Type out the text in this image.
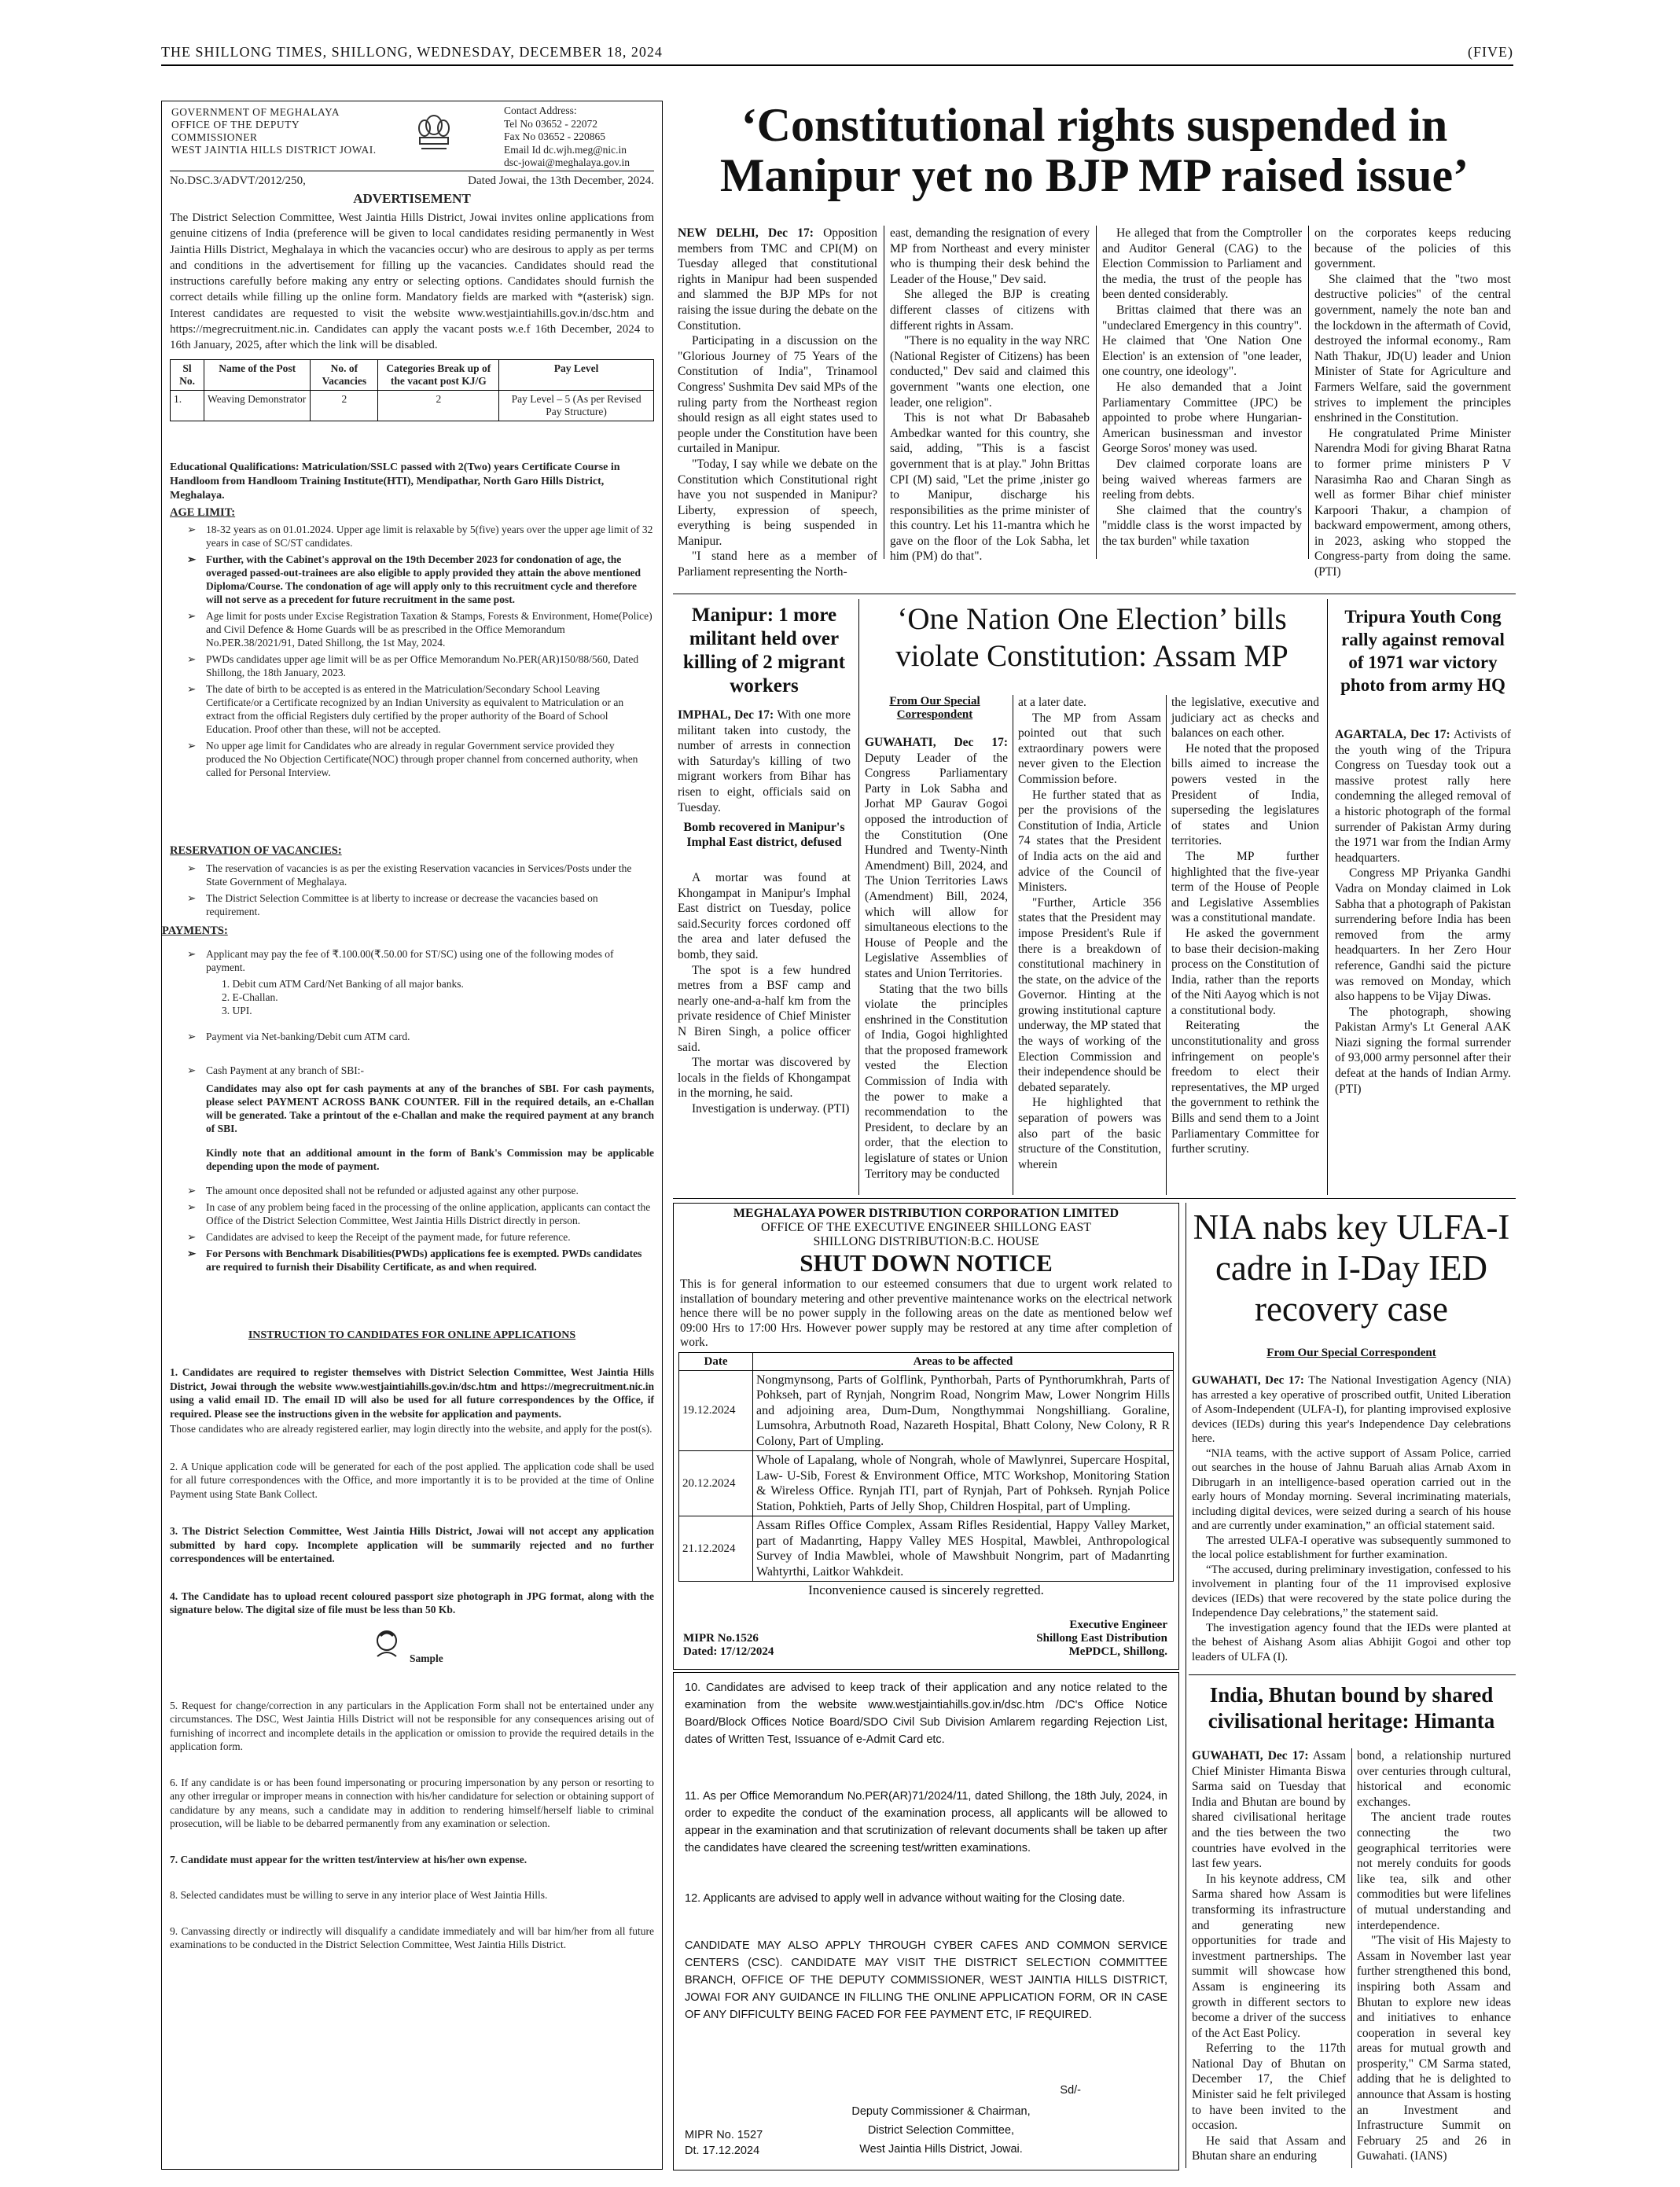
THE SHILLONG TIMES, SHILLONG, WEDNESDAY, DECEMBER 18, 2024	(FIVE)
GOVERNMENT OF MEGHALAYA
OFFICE OF THE DEPUTY
COMMISSIONER
WEST JAINTIA HILLS DISTRICT JOWAI.
Contact Address:
Tel No 03652 - 22072
Fax No 03652 - 220865
Email Id dc.wjh.meg@nic.in
dsc-jowai@meghalaya.gov.in
No.DSC.3/ADVT/2012/250,	Dated Jowai, the 13th December, 2024.
ADVERTISEMENT
The District Selection Committee, West Jaintia Hills District, Jowai invites online applications from genuine citizens of India (preference will be given to local candidates residing permanently in West Jaintia Hills District, Meghalaya in which the vacancies occur) who are desirous to apply as per terms and conditions in the advertisement for filling up the vacancies. Candidates should read the instructions carefully before making any entry or selecting options. Candidates should furnish the correct details while filling up the online form. Mandatory fields are marked with *(asterisk) sign. Interest candidates are requested to visit the website www.westjaintiahills.gov.in/dsc.htm and https://megrecruitment.nic.in. Candidates can apply the vacant posts w.e.f 16th December, 2024 to 16th January, 2025, after which the link will be disabled.
Sl No.	Name of the Post	No. of Vacancies	Categories Break up of the vacant post KJ/G	Pay Level
1.	Weaving Demonstrator	2	2	Pay Level – 5 (As per Revised Pay Structure)
Educational Qualifications: Matriculation/SSLC passed with 2(Two) years Certificate Course in Handloom from Handloom Training Institute(HTI), Mendipathar, North Garo Hills District, Meghalaya.
AGE LIMIT:
➢ 18-32 years as on 01.01.2024. Upper age limit is relaxable by 5(five) years over the upper age limit of 32 years in case of SC/ST candidates.
➢ Further, with the Cabinet's approval on the 19th December 2023 for condonation of age, the overaged passed-out-trainees are also eligible to apply provided they attain the above mentioned Diploma/Course. The condonation of age will apply only to this recruitment cycle and therefore will not serve as a precedent for future recruitment in the same post.
➢ Age limit for posts under Excise Registration Taxation & Stamps, Forests & Environment, Home(Police) and Civil Defence & Home Guards will be as prescribed in the Office Memorandum No.PER.38/2021/91, Dated Shillong, the 1st May, 2024.
➢ PWDs candidates upper age limit will be as per Office Memorandum No.PER(AR)150/88/560, Dated Shillong, the 18th January, 2023.
➢ The date of birth to be accepted is as entered in the Matriculation/Secondary School Leaving Certificate/or a Certificate recognized by an Indian University as equivalent to Matriculation or an extract from the official Registers duly certified by the proper authority of the Board of School Education. Proof other than these, will not be accepted.
➢ No upper age limit for Candidates who are already in regular Government service provided they produced the No Objection Certificate(NOC) through proper channel from concerned authority, when called for Personal Interview.
RESERVATION OF VACANCIES:
➢ The reservation of vacancies is as per the existing Reservation vacancies in Services/Posts under the State Government of Meghalaya.
➢ The District Selection Committee is at liberty to increase or decrease the vacancies based on requirement.
PAYMENTS:
➢ Applicant may pay the fee of ₹.100.00(₹.50.00 for ST/SC) using one of the following modes of payment.
1. Debit cum ATM Card/Net Banking of all major banks.
2. E-Challan.
3. UPI.
➢ Payment via Net-banking/Debit cum ATM card.
➢ Cash Payment at any branch of SBI:-
Candidates may also opt for cash payments at any of the branches of SBI. For cash payments, please select PAYMENT ACROSS BANK COUNTER. Fill in the required details, an e-Challan will be generated. Take a printout of the e-Challan and make the required payment at any branch of SBI.
Kindly note that an additional amount in the form of Bank's Commission may be applicable depending upon the mode of payment.
➢ The amount once deposited shall not be refunded or adjusted against any other purpose.
➢ In case of any problem being faced in the processing of the online application, applicants can contact the Office of the District Selection Committee, West Jaintia Hills District directly in person.
➢ Candidates are advised to keep the Receipt of the payment made, for future reference.
➢ For Persons with Benchmark Disabilities(PWDs) applications fee is exempted. PWDs candidates are required to furnish their Disability Certificate, as and when required.
INSTRUCTION TO CANDIDATES FOR ONLINE APPLICATIONS
1. Candidates are required to register themselves with District Selection Committee, West Jaintia Hills District, Jowai through the website www.westjaintiahills.gov.in/dsc.htm and https://megrecruitment.nic.in using a valid email ID. The email ID will also be used for all future correspondences by the Office, if required. Please see the instructions given in the website for application and payments.
Those candidates who are already registered earlier, may login directly into the website, and apply for the post(s).
2. A Unique application code will be generated for each of the post applied. The application code shall be used for all future correspondences with the Office, and more importantly it is to be provided at the time of Online Payment using State Bank Collect.
3. The District Selection Committee, West Jaintia Hills District, Jowai will not accept any application submitted by hard copy. Incomplete application will be summarily rejected and no further correspondences will be entertained.
4. The Candidate has to upload recent coloured passport size photograph in JPG format, along with the signature below. The digital size of file must be less than 50 Kb.
Sample
5. Request for change/correction in any particulars in the Application Form shall not be entertained under any circumstances. The DSC, West Jaintia Hills District will not be responsible for any consequences arising out of furnishing of incorrect and incomplete details in the application or omission to provide the required details in the application form.
6. If any candidate is or has been found impersonating or procuring impersonation by any person or resorting to any other irregular or improper means in connection with his/her candidature for selection or obtaining support of candidature by any means, such a candidate may in addition to rendering himself/herself liable to criminal prosecution, will be liable to be debarred permanently from any examination or selection.
7. Candidate must appear for the written test/interview at his/her own expense.
8. Selected candidates must be willing to serve in any interior place of West Jaintia Hills.
9. Canvassing directly or indirectly will disqualify a candidate immediately and will bar him/her from all future examinations to be conducted in the District Selection Committee, West Jaintia Hills District.
‘Constitutional rights suspended in Manipur yet no BJP MP raised issue’

NEW DELHI, Dec 17: Opposition members from TMC and CPI(M) on Tuesday alleged that constitutional rights in Manipur had been suspended and slammed the BJP MPs for not raising the issue during the debate on the Constitution.

Participating in a discussion on the "Glorious Journey of 75 Years of the Constitution of India", Trinamool Congress' Sushmita Dev said MPs of the ruling party from the Northeast region should resign as all eight states used to people under the Constitution have been curtailed in Manipur.

"Today, I say while we debate on the Constitution which Constitutional right have you not suspended in Manipur? Liberty, expression of speech, everything is being suspended in Manipur.

"I stand here as a member of Parliament representing the North-

east, demanding the resignation of every MP from Northeast and every minister who is thumping their desk behind the Leader of the House," Dev said.

She alleged the BJP is creating different classes of citizens with different rights in Assam.

"There is no equality in the way NRC (National Register of Citizens) has been conducted," Dev said and claimed this government "wants one election, one leader, one religion".

This is not what Dr Babasaheb Ambedkar wanted for this country, she said, adding, "This is a fascist government that is at play." John Brittas CPI (M) said, "Let the prime ,inister go to Manipur, discharge his responsibilities as the prime minister of this country. Let his 11-mantra which he gave on the floor of the Lok Sabha, let him (PM) do that".

He alleged that from the Comptroller and Auditor General (CAG) to the Election Commission to Parliament and the media, the trust of the people has been dented considerably.

Brittas claimed that there was an "undeclared Emergency in this country". He claimed that 'One Nation One Election' is an extension of "one leader, one country, one ideology".

He also demanded that a Joint Parliamentary Committee (JPC) be appointed to probe where Hungarian-American businessman and investor George Soros' money was used.

Dev claimed corporate loans are being waived whereas farmers are reeling from debts.

She claimed that the country's "middle class is the worst impacted by the tax burden" while taxation

on the corporates keeps reducing because of the policies of this government.

She claimed that the "two most destructive policies" of the central government, namely the note ban and the lockdown in the aftermath of Covid, destroyed the informal economy., Ram Nath Thakur, JD(U) leader and Union Minister of State for Agriculture and Farmers Welfare, said the government strives to implement the principles enshrined in the Constitution.

He congratulated Prime Minister Narendra Modi for giving Bharat Ratna to former prime ministers P V Narasimha Rao and Charan Singh as well as former Bihar chief minister Karpoori Thakur, a champion of backward empowerment, among others, in 2023, asking who stopped the Congress-party from doing the same. (PTI)

Manipur: 1 more militant held over killing of 2 migrant workers

IMPHAL, Dec 17: With one more militant taken into custody, the number of arrests in connection with Saturday's killing of two migrant workers from Bihar has risen to eight, officials said on Tuesday.

Bomb recovered in Manipur's Imphal East district, defused

A mortar was found at Khongampat in Manipur's Imphal East district on Tuesday, police said.Security forces cordoned off the area and later defused the bomb, they said.

The spot is a few hundred metres from a BSF camp and nearly one-and-a-half km from the private residence of Chief Minister N Biren Singh, a police officer said.

The mortar was discovered by locals in the fields of Khongampat in the morning, he said.

Investigation is underway. (PTI)

‘One Nation One Election’ bills violate Constitution: Assam MP
From Our Special Correspondent

GUWAHATI, Dec 17: Deputy Leader of the Congress Parliamentary Party in Lok Sabha and Jorhat MP Gaurav Gogoi opposed the introduction of the Constitution (One Hundred and Twenty-Ninth Amendment) Bill, 2024, and The Union Territories Laws (Amendment) Bill, 2024, which will allow for simultaneous elections to the House of People and the Legislative Assemblies of states and Union Territories.

Stating that the two bills violate the principles enshrined in the Constitution of India, Gogoi highlighted that the proposed framework vested the Election Commission of India with the power to make a recommendation to the President, to declare by an order, that the election to legislature of states or Union Territory may be conducted

at a later date.

The MP from Assam pointed out that such extraordinary powers were never given to the Election Commission before.

He further stated that as per the provisions of the Constitution of India, Article 74 states that the President of India acts on the aid and advice of the Council of Ministers.

"Further, Article 356 states that the President may impose President's Rule if there is a breakdown of constitutional machinery in the state, on the advice of the Governor. Hinting at the growing institutional capture underway, the MP stated that the ways of working of the Election Commission and their independence should be debated separately.

He highlighted that separation of powers was also part of the basic structure of the Constitution, wherein

the legislative, executive and judiciary act as checks and balances on each other.

He noted that the proposed bills aimed to increase the powers vested in the President of India, superseding the legislatures of states and Union territories.

The MP further highlighted that the five-year term of the House of People and Legislative Assemblies was a constitutional mandate.

He asked the government to base their decision-making process on the Constitution of India, rather than the reports of the Niti Aayog which is not a constitutional body.

Reiterating the unconstitutionality and gross infringement on people's freedom to elect their representatives, the MP urged the government to rethink the Bills and send them to a Joint Parliamentary Committee for further scrutiny.

Tripura Youth Cong rally against removal of 1971 war victory photo from army HQ

AGARTALA, Dec 17: Activists of the youth wing of the Tripura Congress on Tuesday took out a massive protest rally here condemning the alleged removal of a historic photograph of the formal surrender of Pakistan Army during the 1971 war from the Indian Army headquarters.

Congress MP Priyanka Gandhi Vadra on Monday claimed in Lok Sabha that a photograph of Pakistan surrendering before India has been removed from the army headquarters. In her Zero Hour reference, Gandhi said the picture was removed on Monday, which also happens to be Vijay Diwas.

The photograph, showing Pakistan Army's Lt General AAK Niazi signing the formal surrender of 93,000 army personnel after their defeat at the hands of Indian Army. (PTI)

MEGHALAYA POWER DISTRIBUTION CORPORATION LIMITED
OFFICE OF THE EXECUTIVE ENGINEER SHILLONG EAST
SHILLONG DISTRIBUTION:B.C. HOUSE
SHUT DOWN NOTICE
This is for general information to our esteemed consumers that due to urgent work related to installation of boundary metering and other preventive maintenance works on the electrical network hence there will be no power supply in the following areas on the date as mentioned below wef 09:00 Hrs to 17:00 Hrs. However power supply may be restored at any time after completion of work.
Date	Areas to be affected
19.12.2024	Nongmynsong, Parts of Golflink, Pynthorbah, Parts of Pynthorumkhrah, Parts of Pohkseh, part of Rynjah, Nongrim Road, Nongrim Maw, Lower Nongrim Hills and adjoining area, Dum-Dum, Nongthymmai Nongshilliang. Goraline, Lumsohra, Arbutnoth Road, Nazareth Hospital, Bhatt Colony, New Colony, R R Colony, Part of Umpling.
20.12.2024	Whole of Lapalang, whole of Nongrah, whole of Mawlynrei, Supercare Hospital, Law- U-Sib, Forest & Environment Office, MTC Workshop, Monitoring Station & Wireless Office. Rynjah ITI, part of Rynjah, Part of Pohkseh. Rynjah Police Station, Pohktieh, Parts of Jelly Shop, Children Hospital, part of Umpling.
21.12.2024	Assam Rifles Office Complex, Assam Rifles Residential, Happy Valley Market, part of Madanrting, Happy Valley MES Hospital, Mawblei, Anthropological Survey of India Mawblei, whole of Mawshbuit Nongrim, part of Madanrting Wahtyrthi, Laitkor Wahkdeit.
Inconvenience caused is sincerely regretted.
Executive Engineer
Shillong East Distribution
MePDCL, Shillong.
MIPR No.1526
Dated: 17/12/2024
10. Candidates are advised to keep track of their application and any notice related to the examination from the website www.westjaintiahills.gov.in/dsc.htm /DC's Office Notice Board/Block Offices Notice Board/SDO Civil Sub Division Amlarem regarding Rejection List, dates of Written Test, Issuance of e-Admit Card etc.
11. As per Office Memorandum No.PER(AR)71/2024/11, dated Shillong, the 18th July, 2024, in order to expedite the conduct of the examination process, all applicants will be allowed to appear in the examination and that scrutinization of relevant documents shall be taken up after the candidates have cleared the screening test/written examinations.
12. Applicants are advised to apply well in advance without waiting for the Closing date.
CANDIDATE MAY ALSO APPLY THROUGH CYBER CAFES AND COMMON SERVICE CENTERS (CSC). CANDIDATE MAY VISIT THE DISTRICT SELECTION COMMITTEE BRANCH, OFFICE OF THE DEPUTY COMMISSIONER, WEST JAINTIA HILLS DISTRICT, JOWAI FOR ANY GUIDANCE IN FILLING THE ONLINE APPLICATION FORM, OR IN CASE OF ANY DIFFICULTY BEING FACED FOR FEE PAYMENT ETC, IF REQUIRED.
Sd/-
Deputy Commissioner & Chairman,
District Selection Committee,
West Jaintia Hills District, Jowai.
MIPR No. 1527
Dt. 17.12.2024
NIA nabs key ULFA-I cadre in I-Day IED recovery case
From Our Special Correspondent

GUWAHATI, Dec 17: The National Investigation Agency (NIA) has arrested a key operative of proscribed outfit, United Liberation of Asom-Independent (ULFA-I), for planting improvised explosive devices (IEDs) during this year's Independence Day celebrations here.

“NIA teams, with the active support of Assam Police, carried out searches in the house of Jahnu Baruah alias Arnab Axom in Dibrugarh in an intelligence-based operation carried out in the early hours of Monday morning. Several incriminating materials, including digital devices, were seized during a search of his house and are currently under examination,” an official statement said.

The arrested ULFA-I operative was subsequently summoned to the local police establishment for further examination.

“The accused, during preliminary investigation, confessed to his involvement in planting four of the 11 improvised explosive devices (IEDs) that were recovered by the state police during the Independence Day celebrations,” the statement said.

The investigation agency found that the IEDs were planted at the behest of Aishang Asom alias Abhijit Gogoi and other top leaders of ULFA (I).

India, Bhutan bound by shared civilisational heritage: Himanta

GUWAHATI, Dec 17: Assam Chief Minister Himanta Biswa Sarma said on Tuesday that India and Bhutan are bound by shared civilisational heritage and the ties between the two countries have evolved in the last few years.

In his keynote address, CM Sarma shared how Assam is transforming its infrastructure and generating new opportunities for trade and investment partnerships. The summit will showcase how Assam is engineering its growth in different sectors to become a driver of the success of the Act East Policy.

Referring to the 117th National Day of Bhutan on December 17, the Chief Minister said he felt privileged to have been invited to the occasion.

He said that Assam and Bhutan share an enduring

bond, a relationship nurtured over centuries through cultural, historical and economic exchanges.

The ancient trade routes connecting the two geographical territories were not merely conduits for goods like tea, silk and other commodities but were lifelines of mutual understanding and interdependence.

"The visit of His Majesty to Assam in November last year further strengthened this bond, inspiring both Assam and Bhutan to explore new ideas and initiatives to enhance cooperation in several key areas for mutual growth and prosperity," CM Sarma stated, adding that he is delighted to announce that Assam is hosting an Investment and Infrastructure Summit on February 25 and 26 in Guwahati. (IANS)
